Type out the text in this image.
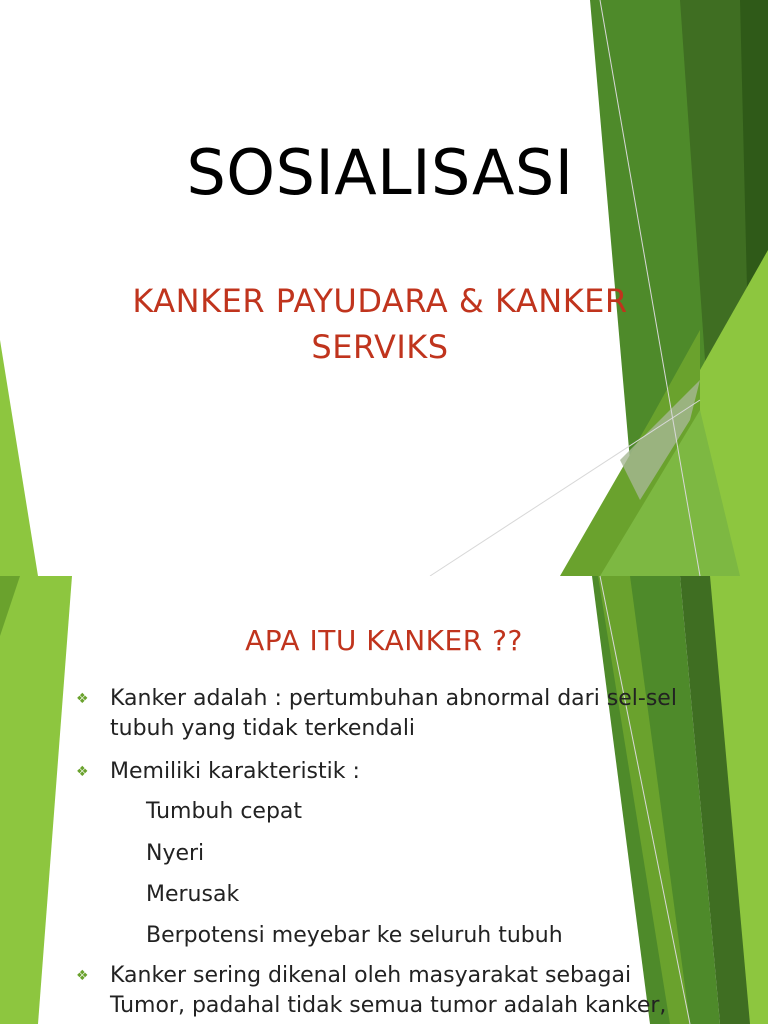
SOSIALISASI
KANKER PAYUDARA & KANKER
SERVIKS
APA ITU KANKER ??
❖ Kanker adalah : pertumbuhan abnormal dari sel-sel
tubuh yang tidak terkendali
❖ Memiliki karakteristik :
Tumbuh cepat
Nyeri
Merusak
Berpotensi meyebar ke seluruh tubuh
❖ Kanker sering dikenal oleh masyarakat sebagai
Tumor, padahal tidak semua tumor adalah kanker,
